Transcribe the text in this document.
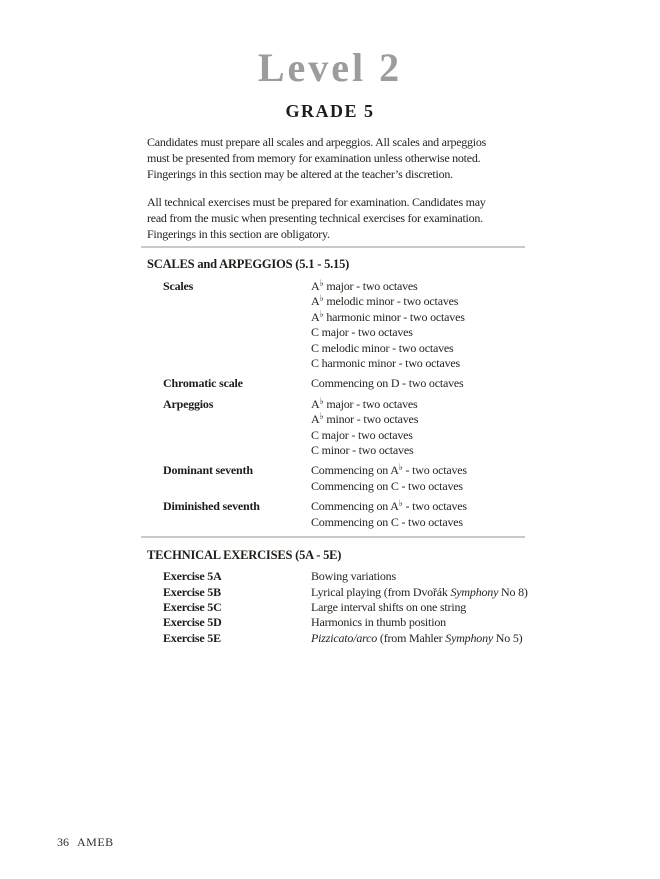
Level 2
GRADE 5
Candidates must prepare all scales and arpeggios. All scales and arpeggios
must be presented from memory for examination unless otherwise noted.
Fingerings in this section may be altered at the teacher’s discretion.
All technical exercises must be prepared for examination. Candidates may
read from the music when presenting technical exercises for examination.
Fingerings in this section are obligatory.
SCALES and ARPEGGIOS (5.1 - 5.15)
Scales	A♭ major - two octaves
A♭ melodic minor - two octaves
A♭ harmonic minor - two octaves
C major - two octaves
C melodic minor - two octaves
C harmonic minor - two octaves
Chromatic scale	Commencing on D - two octaves
Arpeggios	A♭ major - two octaves
A♭ minor - two octaves
C major - two octaves
C minor - two octaves
Dominant seventh	Commencing on A♭ - two octaves
Commencing on C - two octaves
Diminished seventh	Commencing on A♭ - two octaves
Commencing on C - two octaves
TECHNICAL EXERCISES (5A - 5E)
Exercise 5A	Bowing variations
Exercise 5B	Lyrical playing (from Dvořák Symphony No 8)
Exercise 5C	Large interval shifts on one string
Exercise 5D	Harmonics in thumb position
Exercise 5E	Pizzicato/arco (from Mahler Symphony No 5)
36 AMEB
